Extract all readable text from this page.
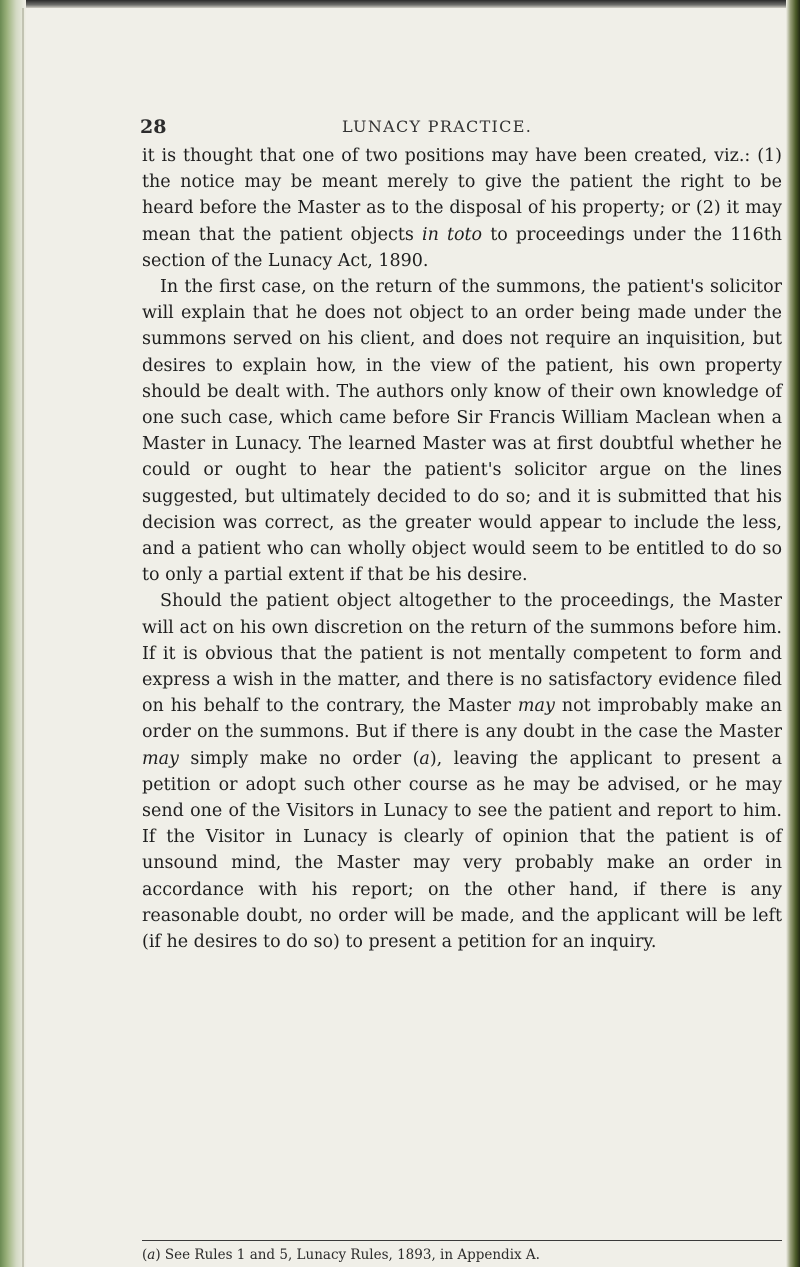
28	LUNACY PRACTICE.

it is thought that one of two positions may have been created, viz.: (1) the notice may be meant merely to give the patient the right to be heard before the Master as to the disposal of his property; or (2) it may mean that the patient objects in toto to proceedings under the 116th section of the Lunacy Act, 1890.

In the first case, on the return of the summons, the patient's solicitor will explain that he does not object to an order being made under the summons served on his client, and does not require an inquisition, but desires to explain how, in the view of the patient, his own property should be dealt with. The authors only know of their own knowledge of one such case, which came before Sir Francis William Maclean when a Master in Lunacy. The learned Master was at first doubtful whether he could or ought to hear the patient's solicitor argue on the lines suggested, but ultimately decided to do so; and it is submitted that his decision was correct, as the greater would appear to include the less, and a patient who can wholly object would seem to be entitled to do so to only a partial extent if that be his desire.

Should the patient object altogether to the proceedings, the Master will act on his own discretion on the return of the summons before him. If it is obvious that the patient is not mentally competent to form and express a wish in the matter, and there is no satisfactory evidence filed on his behalf to the contrary, the Master may not improbably make an order on the summons. But if there is any doubt in the case the Master may simply make no order (a), leaving the applicant to present a petition or adopt such other course as he may be advised, or he may send one of the Visitors in Lunacy to see the patient and report to him. If the Visitor in Lunacy is clearly of opinion that the patient is of unsound mind, the Master may very probably make an order in accordance with his report; on the other hand, if there is any reasonable doubt, no order will be made, and the applicant will be left (if he desires to do so) to present a petition for an inquiry.

(a) See Rules 1 and 5, Lunacy Rules, 1893, in Appendix A.
